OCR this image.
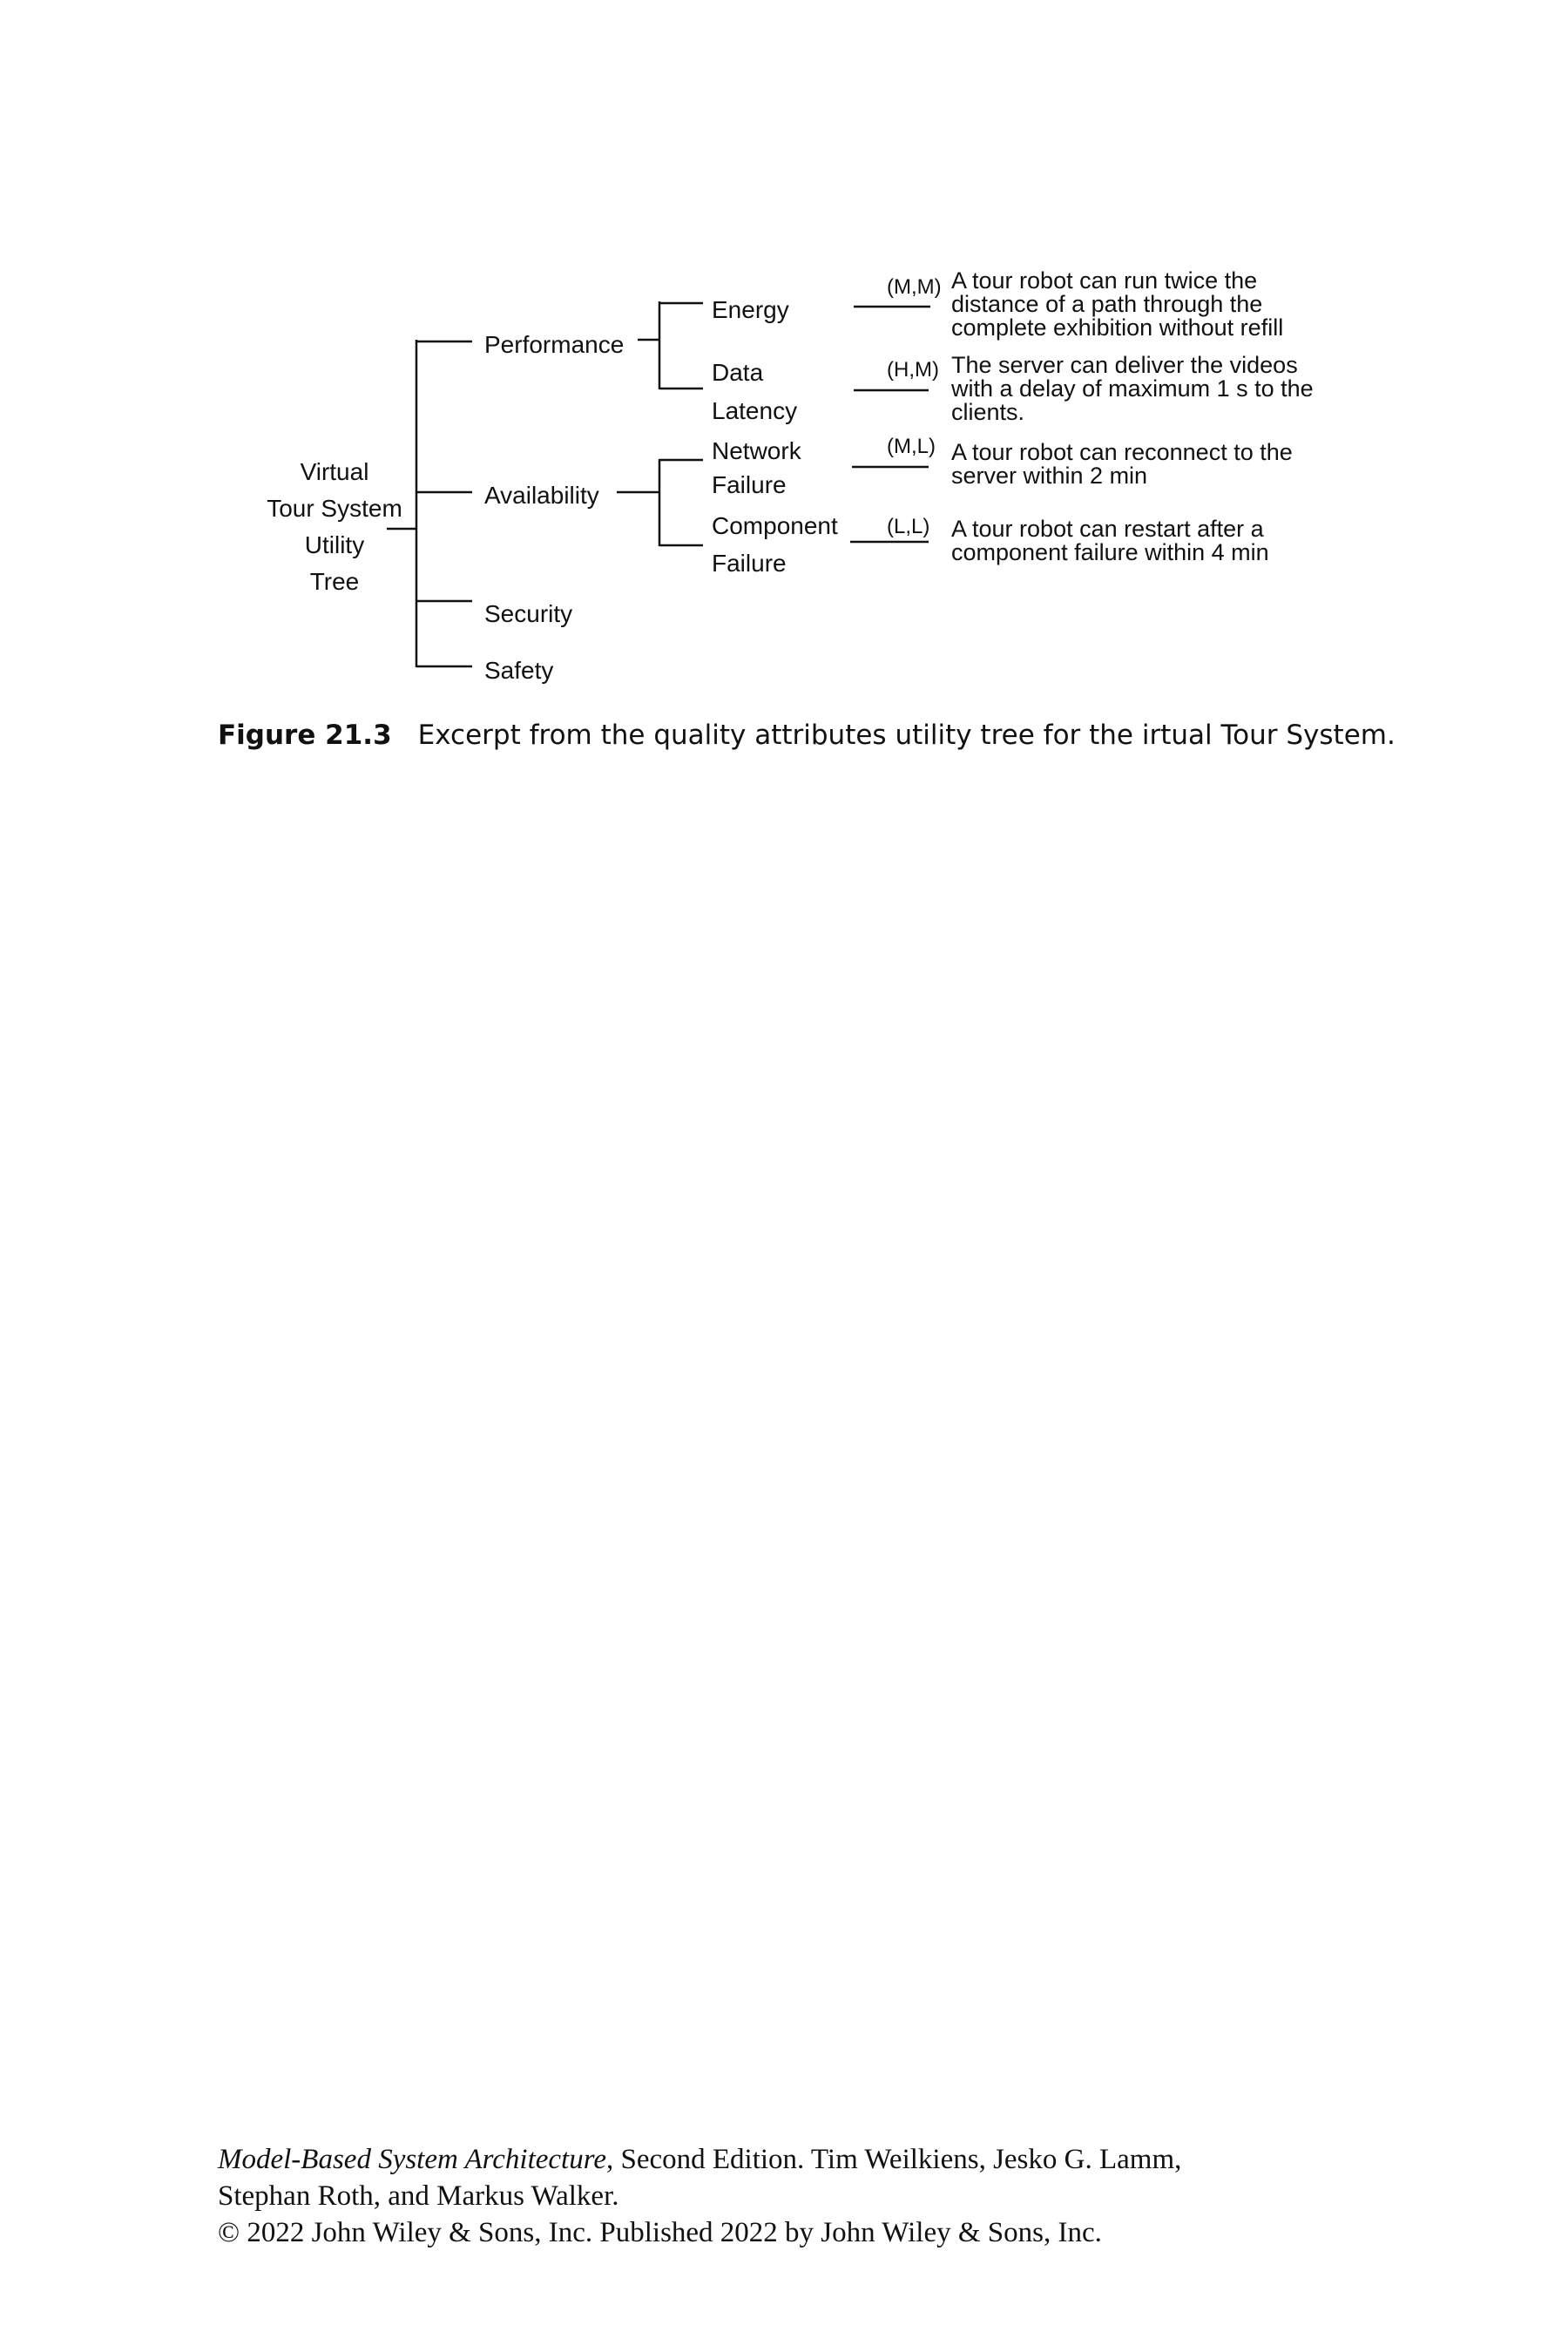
Virtual
Tour System
Utility
Tree
Performance
Availability
Security
Safety
Energy
Data
Latency
Network
Failure
Component
Failure
(M,M)
(H,M)
(M,L)
(L,L)
A tour robot can run twice the
distance of a path through the
complete exhibition without refill
The server can deliver the videos
with a delay of maximum 1 s to the
clients.
A tour robot can reconnect to the
server within 2 min
A tour robot can restart after a
component failure within 4 min
Figure 21.3 Excerpt from the quality attributes utility tree for the irtual Tour System.
Model-Based System Architecture, Second Edition. Tim Weilkiens, Jesko G. Lamm,
Stephan Roth, and Markus Walker.
© 2022 John Wiley & Sons, Inc. Published 2022 by John Wiley & Sons, Inc.
